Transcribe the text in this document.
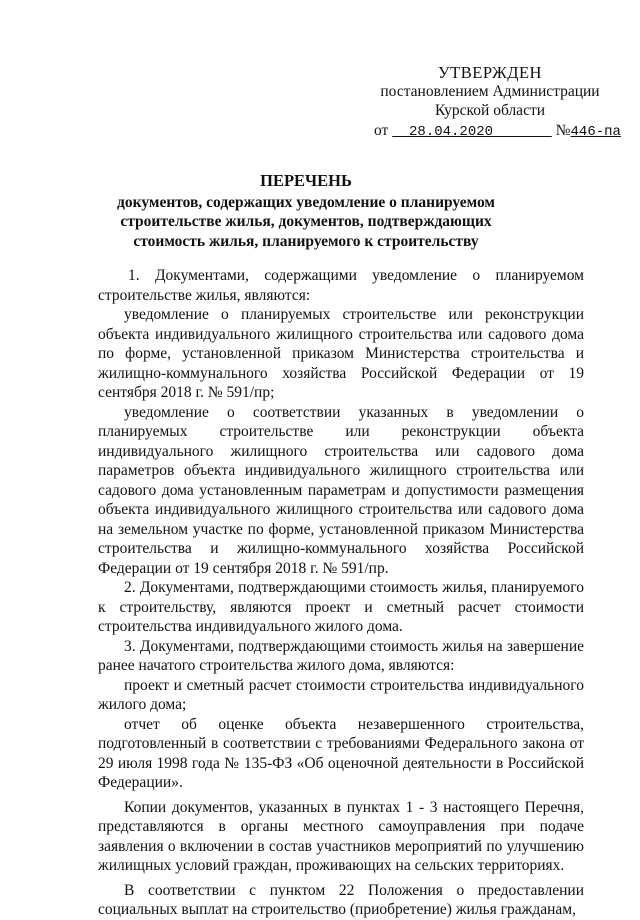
УТВЕРЖДЕН
постановлением Администрации
Курской области
от 28.04.2020	№446-па
ПЕРЕЧЕНЬ
документов, содержащих уведомление о планируемом строительстве жилья, документов, подтверждающих стоимость жилья, планируемого к строительству

1. Документами, содержащими уведомление о планируемом строительстве жилья, являются:

уведомление о планируемых строительстве или реконструкции объекта индивидуального жилищного строительства или садового дома по форме, установленной приказом Министерства строительства и жилищно-коммунального хозяйства Российской Федерации от 19 сентября 2018 г. № 591/пр;

уведомление о соответствии указанных в уведомлении о планируемых строительстве или реконструкции объекта индивидуального жилищного строительства или садового дома параметров объекта индивидуального жилищного строительства или садового дома установленным параметрам и допустимости размещения объекта индивидуального жилищного строительства или садового дома на земельном участке по форме, установленной приказом Министерства строительства и жилищно-коммунального хозяйства Российской Федерации от 19 сентября 2018 г. № 591/пр.

2. Документами, подтверждающими стоимость жилья, планируемого к строительству, являются проект и сметный расчет стоимости строительства индивидуального жилого дома.

3. Документами, подтверждающими стоимость жилья на завершение ранее начатого строительства жилого дома, являются:

проект и сметный расчет стоимости строительства индивидуального жилого дома;

отчет об оценке объекта незавершенного строительства, подготовленный в соответствии с требованиями Федерального закона от 29 июля 1998 года № 135-ФЗ «Об оценочной деятельности в Российской Федерации».

Копии документов, указанных в пунктах 1 - 3 настоящего Перечня, представляются в органы местного самоуправления при подаче заявления о включении в состав участников мероприятий по улучшению жилищных условий граждан, проживающих на сельских территориях.

В соответствии с пунктом 22 Положения о предоставлении социальных выплат на строительство (приобретение) жилья гражданам,
